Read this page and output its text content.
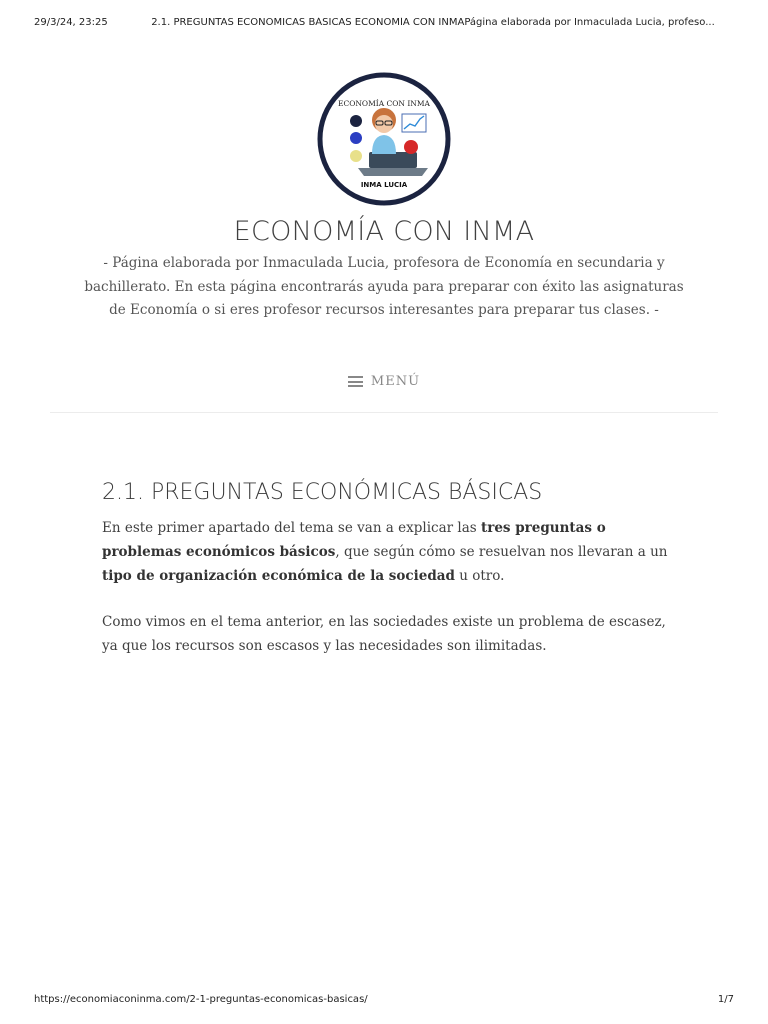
29/3/24, 23:25	2.1. PREGUNTAS ECONÓMICAS BÁSICAS ECONOMÍA CON INMAPágina elaborada por Inmaculada Lucia, profeso...
ECONOMÍA CON INMA
INMA LUCIA
ECONOMÍA CON INMA
- Página elaborada por Inmaculada Lucia, profesora de Economía en secundaria y bachillerato. En esta página encontrarás ayuda para preparar con éxito las asignaturas de Economía o si eres profesor recursos interesantes para preparar tus clases. -
MENÚ
2.1. PREGUNTAS ECONÓMICAS BÁSICAS

En este primer apartado del tema se van a explicar las tres preguntas o problemas económicos básicos, que según cómo se resuelvan nos llevaran a un tipo de organización económica de la sociedad u otro.

Como vimos en el tema anterior, en las sociedades existe un problema de escasez, ya que los recursos son escasos y las necesidades son ilimitadas.

https://economiaconinma.com/2-1-preguntas-economicas-basicas/	1/7
